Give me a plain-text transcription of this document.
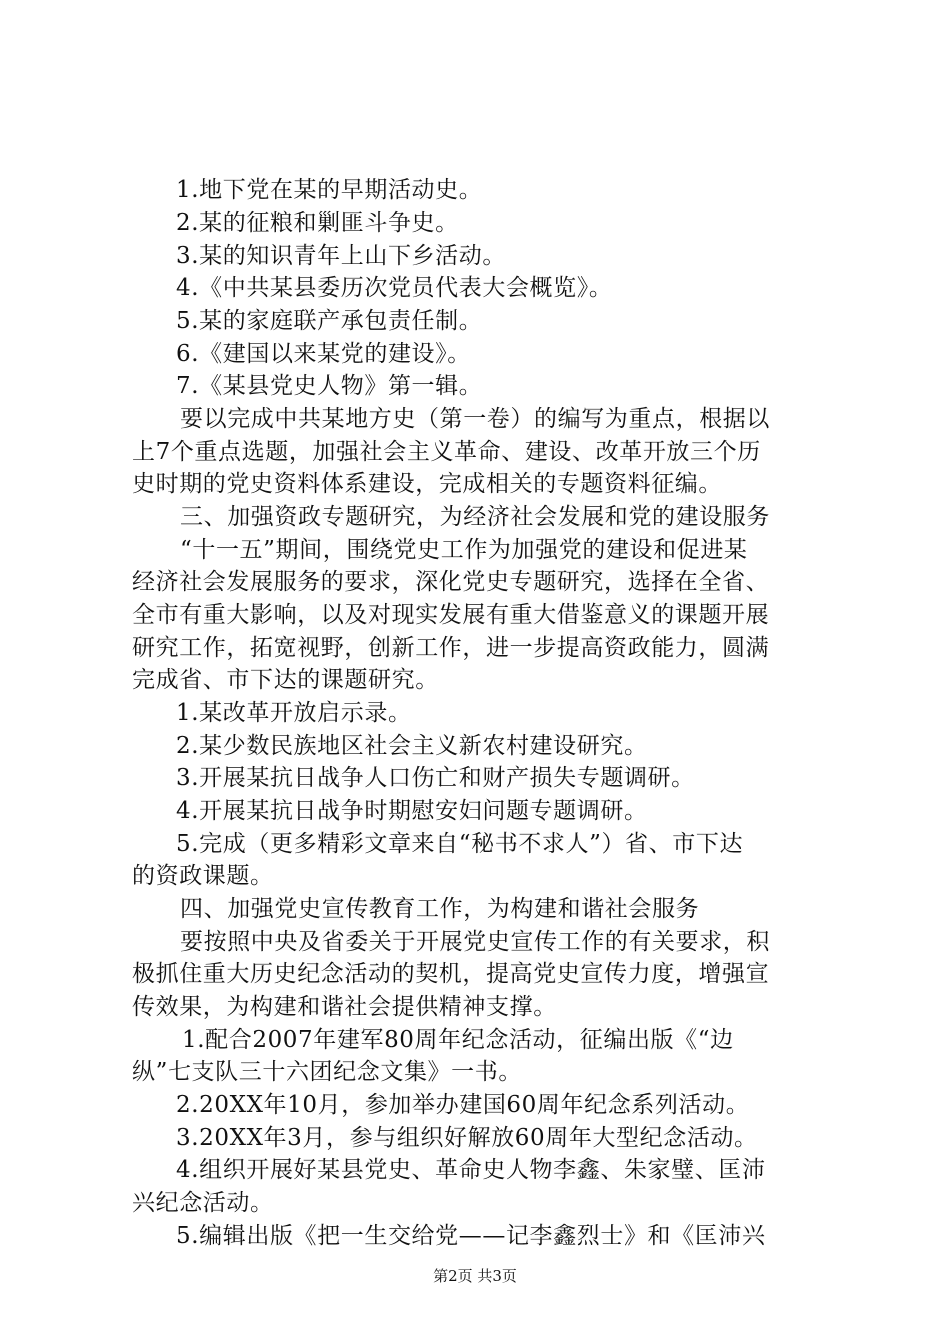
1.地下党在某的早期活动史。
2.某的征粮和剿匪斗争史。
3.某的知识青年上山下乡活动。
4.《中共某县委历次党员代表大会概览》。
5.某的家庭联产承包责任制。
6.《建国以来某党的建设》。
7.《某县党史人物》第一辑。
要以完成中共某地方史（第一卷）的编写为重点，根据以
上7个重点选题，加强社会主义革命、建设、改革开放三个历
史时期的党史资料体系建设，完成相关的专题资料征编。
三、加强资政专题研究，为经济社会发展和党的建设服务
“十一五”期间，围绕党史工作为加强党的建设和促进某
经济社会发展服务的要求，深化党史专题研究，选择在全省、
全市有重大影响，以及对现实发展有重大借鉴意义的课题开展
研究工作，拓宽视野，创新工作，进一步提高资政能力，圆满
完成省、市下达的课题研究。
1.某改革开放启示录。
2.某少数民族地区社会主义新农村建设研究。
3.开展某抗日战争人口伤亡和财产损失专题调研。
4.开展某抗日战争时期慰安妇问题专题调研。
5.完成（更多精彩文章来自“秘书不求人”）省、市下达
的资政课题。
四、加强党史宣传教育工作，为构建和谐社会服务
要按照中央及省委关于开展党史宣传工作的有关要求，积
极抓住重大历史纪念活动的契机，提高党史宣传力度，增强宣
传效果，为构建和谐社会提供精神支撑。
1.配合2007年建军80周年纪念活动，征编出版《“边
纵”七支队三十六团纪念文集》一书。
2.20XX年10月，参加举办建国60周年纪念系列活动。
3.20XX年3月，参与组织好解放60周年大型纪念活动。
4.组织开展好某县党史、革命史人物李鑫、朱家璧、匡沛
兴纪念活动。
5.编辑出版《把一生交给党——记李鑫烈士》和《匡沛兴
第2页 共3页
